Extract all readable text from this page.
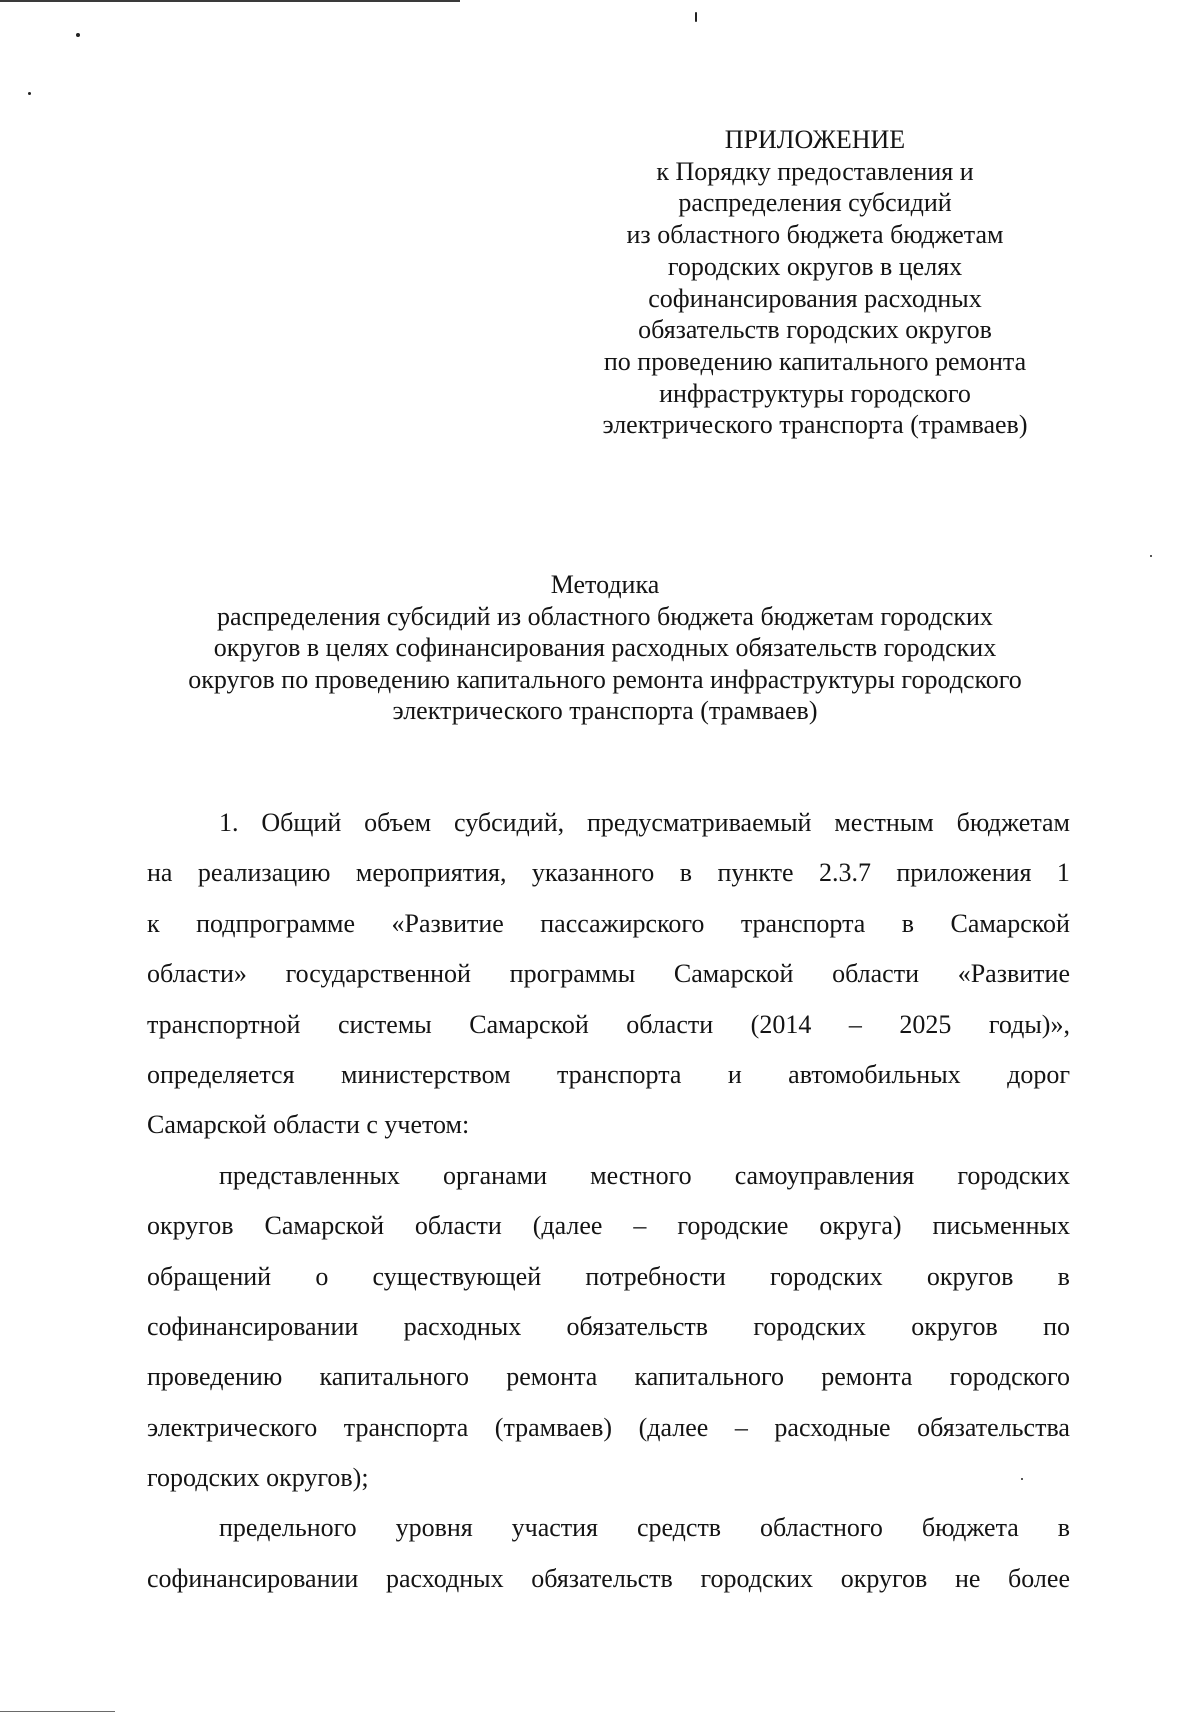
ПРИЛОЖЕНИЕ
к Порядку предоставления и
распределения субсидий
из областного бюджета бюджетам
городских округов в целях
софинансирования расходных
обязательств городских округов
по проведению капитального ремонта
инфраструктуры городского
электрического транспорта (трамваев)
Методика
распределения субсидий из областного бюджета бюджетам городских
округов в целях софинансирования расходных обязательств городских
округов по проведению капитального ремонта инфраструктуры городского
электрического транспорта (трамваев)
1. Общий объем субсидий, предусматриваемый местным бюджетам
на реализацию мероприятия, указанного в пункте 2.3.7 приложения 1
к подпрограмме «Развитие пассажирского транспорта в Самарской
области» государственной программы Самарской области «Развитие
транспортной системы Самарской области (2014 – 2025 годы)»,
определяется министерством транспорта и автомобильных дорог
Самарской области с учетом:
представленных органами местного самоуправления городских
округов Самарской области (далее – городские округа) письменных
обращений о существующей потребности городских округов в
софинансировании расходных обязательств городских округов по
проведению капитального ремонта капитального ремонта городского
электрического транспорта (трамваев) (далее – расходные обязательства
городских округов);
предельного уровня участия средств областного бюджета в
софинансировании расходных обязательств городских округов не более
